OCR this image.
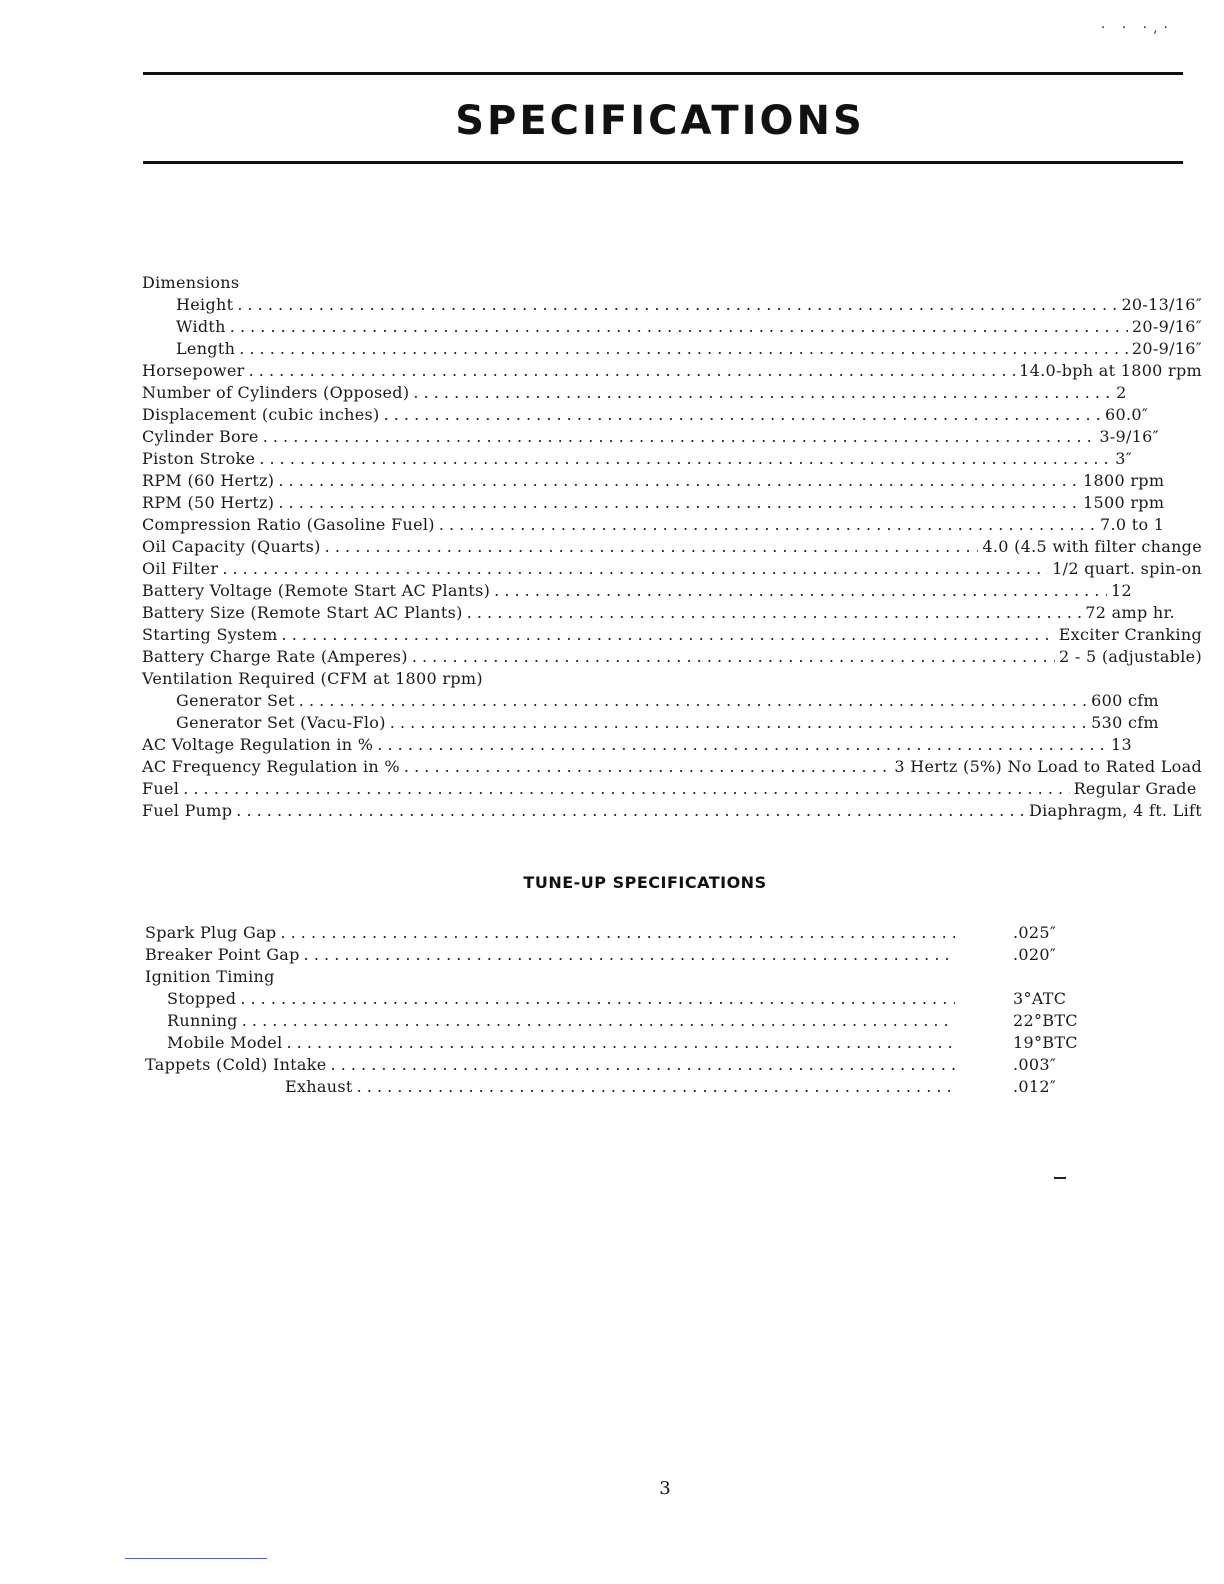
· · ·,·
SPECIFICATIONS
Dimensions
Height . . .	20-13/16″
Width . . .	20-9/16″
Length . . .	20-9/16″
Horsepower . . .	14.0-bph at 1800 rpm
Number of Cylinders (Opposed) . . .	2
Displacement (cubic inches) . . .	60.0″
Cylinder Bore . . .	3-9/16″
Piston Stroke . . .	3″
RPM (60 Hertz) . . .	1800 rpm
RPM (50 Hertz) . . .	1500 rpm
Compression Ratio (Gasoline Fuel) . . .	7.0 to 1
Oil Capacity (Quarts) . . .	4.0 (4.5 with filter change
Oil Filter . . .	1/2 quart. spin-on
Battery Voltage (Remote Start AC Plants) . . .	12
Battery Size (Remote Start AC Plants) . . .	72 amp hr.
Starting System . . .	Exciter Cranking
Battery Charge Rate (Amperes) . . .	2 - 5 (adjustable)
Ventilation Required (CFM at 1800 rpm)
Generator Set . . .	600 cfm
Generator Set (Vacu-Flo) . . .	530 cfm
AC Voltage Regulation in % . . .	13
AC Frequency Regulation in % . . .	3 Hertz (5%) No Load to Rated Load
Fuel . . .	Regular Grade
Fuel Pump . . .	Diaphragm, 4 ft. Lift
TUNE-UP SPECIFICATIONS
Spark Plug Gap . . .	.025″
Breaker Point Gap . . .	.020″
Ignition Timing
Stopped . . .	3°ATC
Running . . .	22°BTC
Mobile Model . . .	19°BTC
Tappets (Cold) Intake . . .	.003″
Exhaust . . .	.012″
3
